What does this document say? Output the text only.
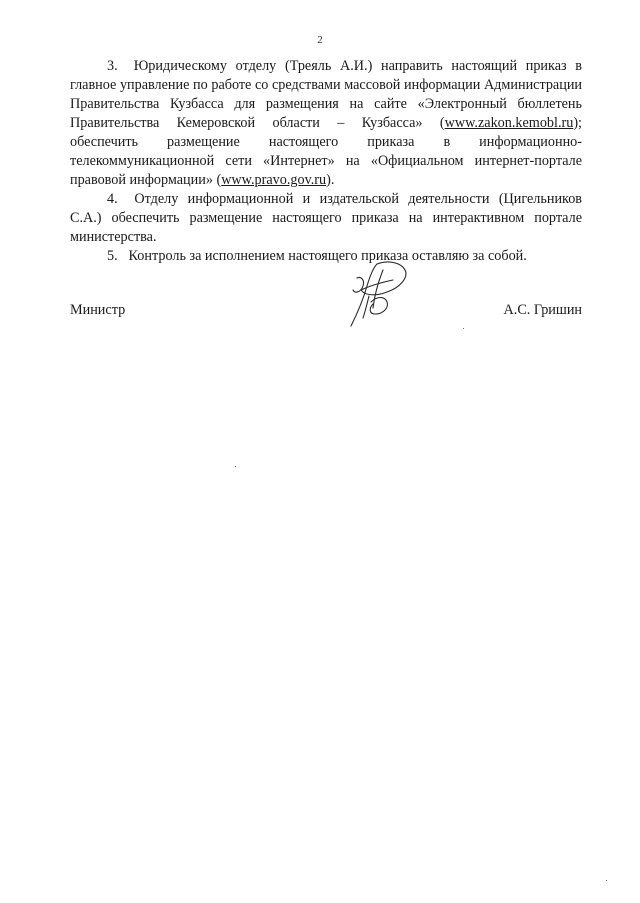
2

3. Юридическому отделу (Трeяль А.И.) направить настоящий приказ в главное управление по работе со средствами массовой информации Администрации Правительства Кузбасса для размещения на сайте «Электронный бюллетень Правительства Кемеровской области – Кузбасса» (www.zakon.kemobl.ru); обеспечить размещение настоящего приказа в информационно-телекоммуникационной сети «Интернет» на «Официальном интернет-портале правовой информации» (www.pravo.gov.ru).

4. Отделу информационной и издательской деятельности (Цигельников С.А.) обеспечить размещение настоящего приказа на интерактивном портале министерства.

5. Контроль за исполнением настоящего приказа оставляю за собой.

Министр	А.С. Гришин
